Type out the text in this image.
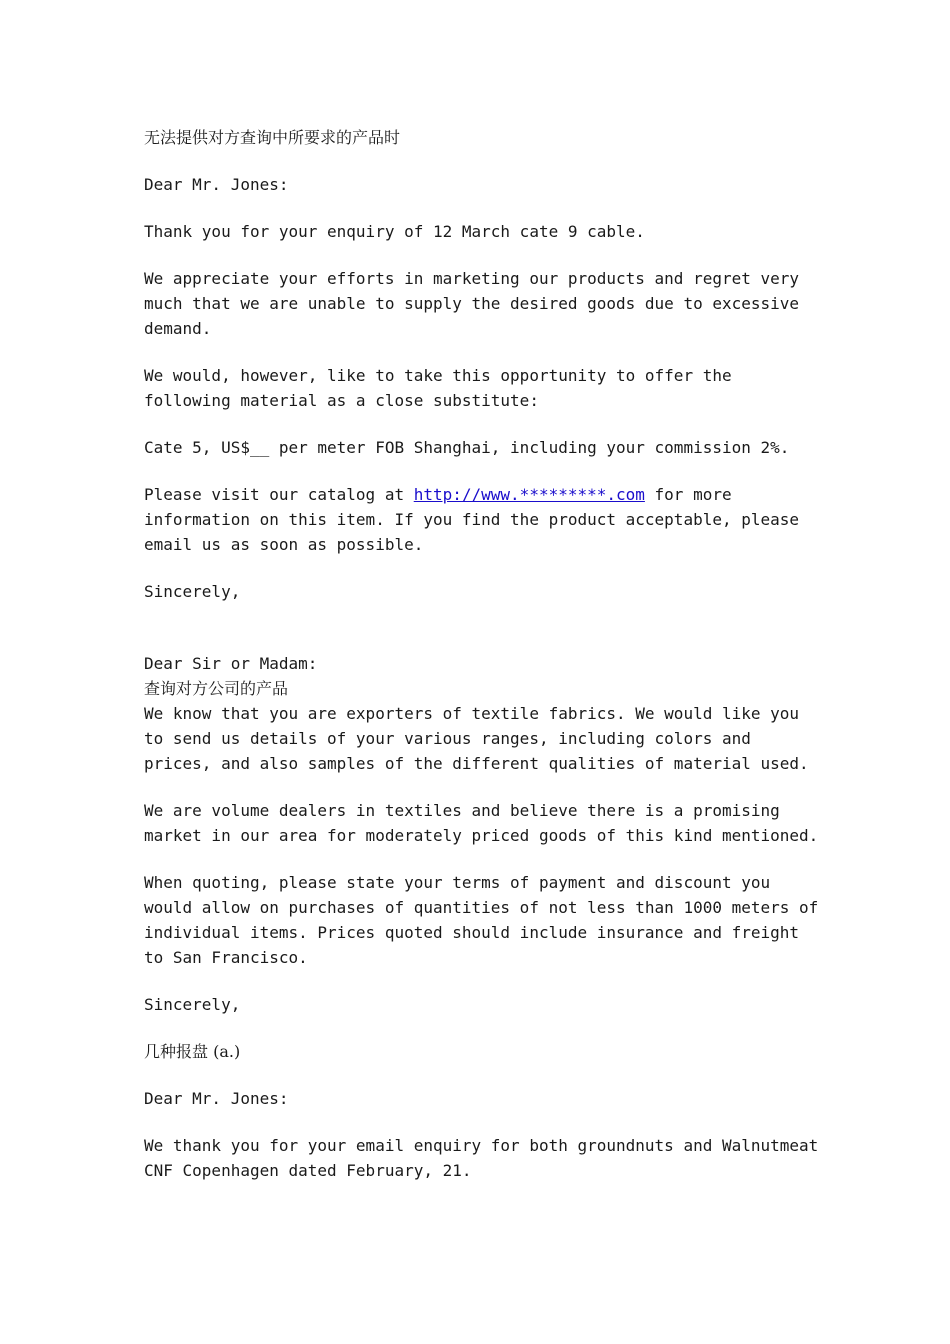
无法提供对方查询中所要求的产品时

Dear Mr. Jones:

Thank you for your enquiry of 12 March cate 9 cable.

We appreciate your efforts in marketing our products and regret very much that we are unable to supply the desired goods due to excessive demand.

We would, however, like to take this opportunity to offer the following material as a close substitute:

Cate 5, US$__ per meter FOB Shanghai, including your commission 2%.

Please visit our catalog at http://www.*********.com for more information on this item. If you find the product acceptable, please email us as soon as possible.

Sincerely,

Dear Sir or Madam:

查询对方公司的产品

We know that you are exporters of textile fabrics. We would like you to send us details of your various ranges, including colors and prices, and also samples of the different qualities of material used.

We are volume dealers in textiles and believe there is a promising market in our area for moderately priced goods of this kind mentioned.

When quoting, please state your terms of payment and discount you would allow on purchases of quantities of not less than 1000 meters of individual items. Prices quoted should include insurance and freight to San Francisco.

Sincerely,

几种报盘 (a.)

Dear Mr. Jones:

We thank you for your email enquiry for both groundnuts and Walnutmeat CNF Copenhagen dated February, 21.
